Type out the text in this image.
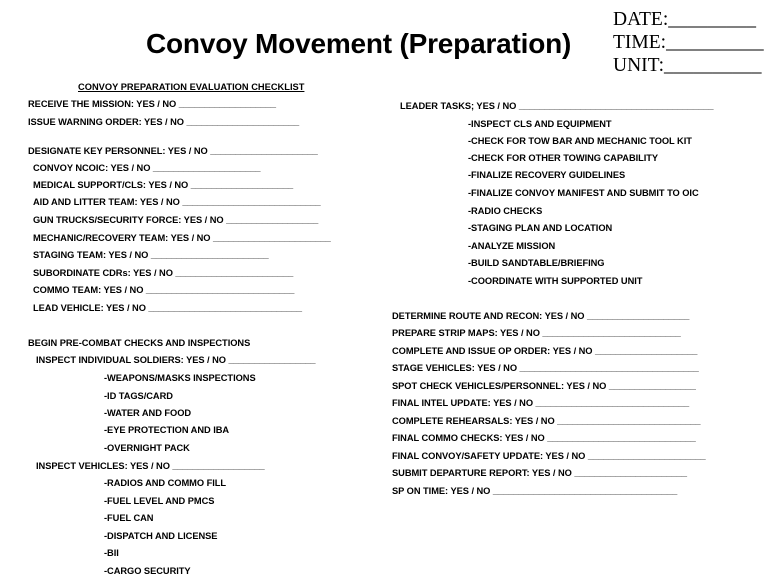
Convoy Movement (Preparation)
DATE:_________
TIME:__________
UNIT:__________
CONVOY PREPARATION EVALUATION CHECKLIST
RECEIVE THE MISSION: YES / NO ___________________
ISSUE WARNING ORDER: YES / NO ______________________
DESIGNATE KEY PERSONNEL: YES / NO _____________________
CONVOY NCOIC: YES / NO _____________________
MEDICAL SUPPORT/CLS: YES / NO ____________________
AID AND LITTER TEAM: YES / NO ___________________________
GUN TRUCKS/SECURITY FORCE: YES / NO __________________
MECHANIC/RECOVERY TEAM: YES / NO _______________________
STAGING TEAM: YES / NO _______________________
SUBORDINATE CDRs: YES / NO _______________________
COMMO TEAM: YES / NO _____________________________
LEAD VEHICLE: YES / NO ______________________________
BEGIN PRE-COMBAT CHECKS AND INSPECTIONS
INSPECT INDIVIDUAL SOLDIERS: YES / NO _________________
-WEAPONS/MASKS INSPECTIONS
-ID TAGS/CARD
-WATER AND FOOD
-EYE PROTECTION AND IBA
-OVERNIGHT PACK
INSPECT VEHICLES: YES / NO __________________
-RADIOS AND COMMO FILL
-FUEL LEVEL AND PMCS
-FUEL CAN
-DISPATCH AND LICENSE
-BII
-CARGO SECURITY
LEADER TASKS; YES / NO ______________________________________
-INSPECT CLS AND EQUIPMENT
-CHECK FOR TOW BAR AND MECHANIC TOOL KIT
-CHECK FOR OTHER TOWING CAPABILITY
-FINALIZE RECOVERY GUIDELINES
-FINALIZE CONVOY MANIFEST AND SUBMIT TO OIC
-RADIO CHECKS
-STAGING PLAN AND LOCATION
-ANALYZE MISSION
-BUILD SANDTABLE/BRIEFING
-COORDINATE WITH SUPPORTED UNIT
DETERMINE ROUTE AND RECON: YES / NO ____________________
PREPARE STRIP MAPS: YES / NO ___________________________
COMPLETE AND ISSUE OP ORDER: YES / NO ____________________
STAGE VEHICLES: YES / NO ___________________________________
SPOT CHECK VEHICLES/PERSONNEL: YES / NO _________________
FINAL INTEL UPDATE: YES / NO ______________________________
COMPLETE REHEARSALS: YES / NO ____________________________
FINAL COMMO CHECKS: YES / NO _____________________________
FINAL CONVOY/SAFETY UPDATE: YES / NO _______________________
SUBMIT DEPARTURE REPORT: YES / NO ______________________
SP ON TIME: YES / NO ____________________________________
